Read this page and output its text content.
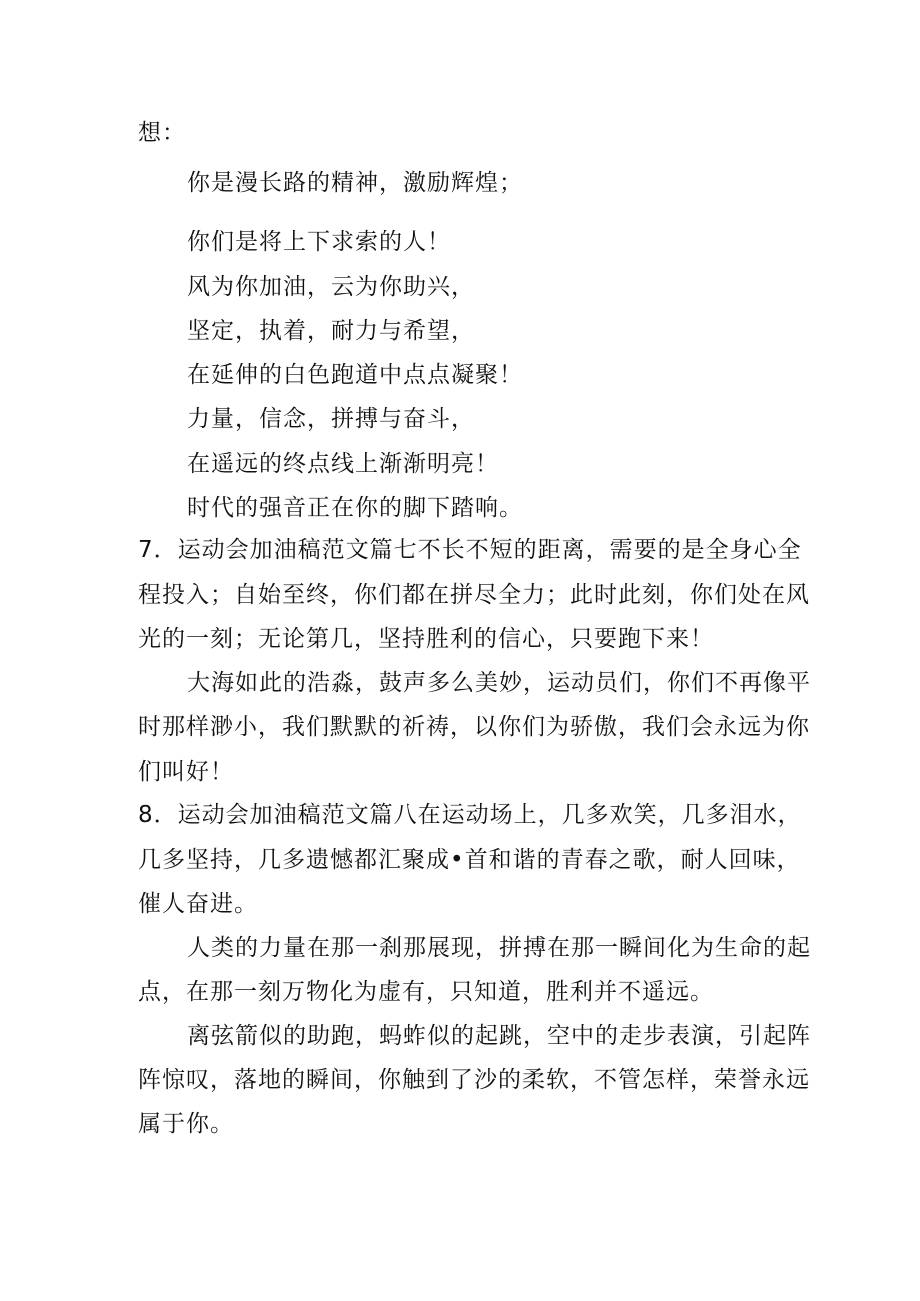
想：
你是漫长路的精神，激励辉煌；
你们是将上下求索的人！
风为你加油，云为你助兴，
坚定，执着，耐力与希望，
在延伸的白色跑道中点点凝聚！
力量，信念，拼搏与奋斗，
在遥远的终点线上渐渐明亮！
时代的强音正在你的脚下踏响。
7．运动会加油稿范文篇七不长不短的距离，需要的是全身心全
程投入；自始至终，你们都在拼尽全力；此时此刻，你们处在风
光的一刻；无论第几，坚持胜利的信心，只要跑下来！
大海如此的浩淼，鼓声多么美妙，运动员们，你们不再像平
时那样渺小，我们默默的祈祷，以你们为骄傲，我们会永远为你
们叫好！
8．运动会加油稿范文篇八在运动场上，几多欢笑，几多泪水，
几多坚持，几多遗憾都汇聚成•首和谐的青春之歌，耐人回味，
催人奋进。
人类的力量在那一刹那展现，拼搏在那一瞬间化为生命的起
点，在那一刻万物化为虚有，只知道，胜利并不遥远。
离弦箭似的助跑，蚂蚱似的起跳，空中的走步表演，引起阵
阵惊叹，落地的瞬间，你触到了沙的柔软，不管怎样，荣誉永远
属于你。
